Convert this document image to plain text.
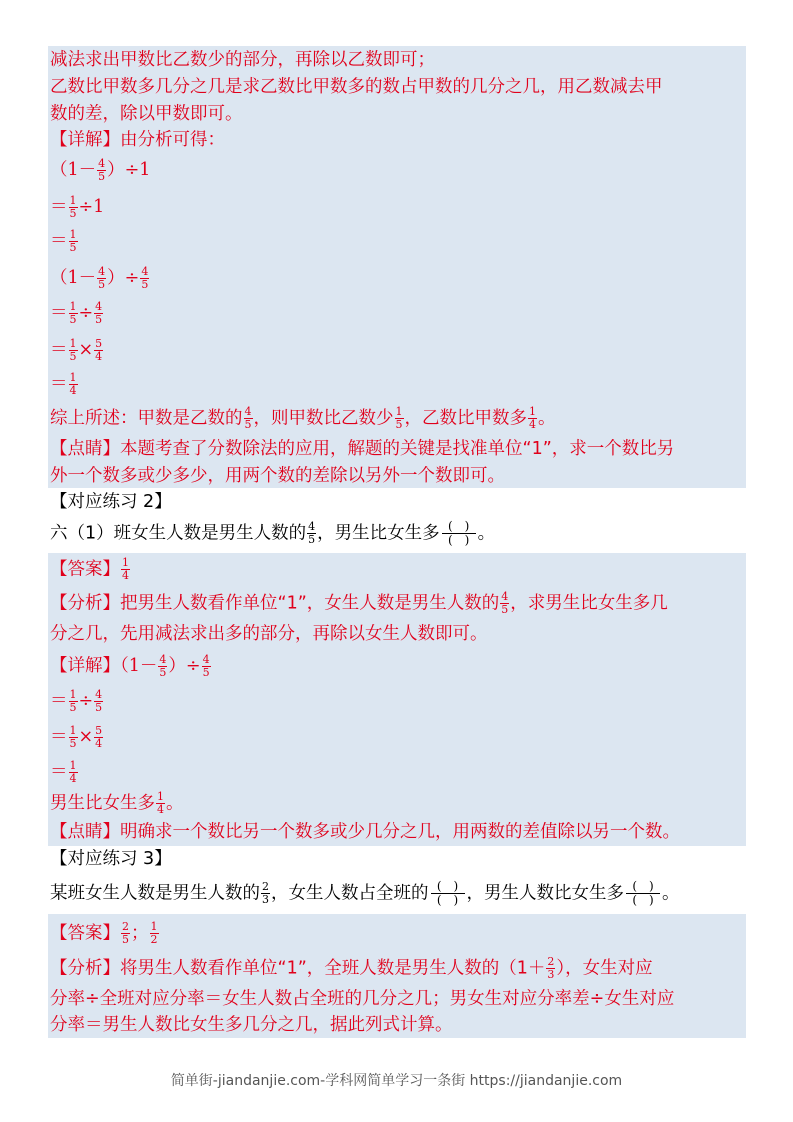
减法求出甲数比乙数少的部分，再除以乙数即可；
乙数比甲数多几分之几是求乙数比甲数多的数占甲数的几分之几，用乙数减去甲
数的差，除以甲数即可。
【详解】由分析可得：
$(1- \frac{4}{5} )\div 1$
＝ $\frac{1}{5} \div 1$
＝ $\frac{1}{5}$
（$1- \frac{4}{5}$ ）÷ $\frac{4}{5}$
＝ $\frac{1}{5} \div \frac{4}{5}$
＝ $\frac{1}{5} \times \frac{5}{4}$
＝ $\frac{1}{4}$
综上所述：甲数是乙数的 $\frac{4}{5}$ ，则甲数比乙数少 $\frac{1}{5}$ ，乙数比甲数多 $\frac{1}{4}$ 。
【点睛】本题考查了分数除法的应用，解题的关键是找准单位“1”，求一个数比另
外一个数多或少多少，用两个数的差除以另外一个数即可。
【对应练习 2】
六（1）班女生人数是男生人数的 $\frac{4}{5}$ ，男生比女生多 (　)
(　) 。
【答案】 $\frac{1}{4}$
【分析】把男生人数看作单位“1”，女生人数是男生人数的 $\frac{4}{5}$ ，求男生比女生多几
分之几，先用减法求出多的部分，再除以女生人数即可。
【详解】（$1- \frac{4}{5}$ ）÷ $\frac{4}{5}$
＝ $\frac{1}{5} \div \frac{4}{5}$
＝ $\frac{1}{5} \times \frac{5}{4}$
＝ $\frac{1}{4}$
男生比女生多 $\frac{1}{4}$ 。
【点睛】明确求一个数比另一个数多或少几分之几，用两数的差值除以另一个数。
【对应练习 3】
某班女生人数是男生人数的 $\frac{2}{3}$ ，女生人数占全班的 (　)
(　) ，男生人数比女生多 (　)
(　) 。
【答案】 $\frac{2}{5}$ ； $\frac{1}{2}$
【分析】将男生人数看作单位“1”，全班人数是男生人数的（$1+ \frac{2}{3}$ ），女生对应
分率÷全班对应分率＝女生人数占全班的几分之几；男女生对应分率差÷女生对应
分率＝男生人数比女生多几分之几，据此列式计算。
简单街-jiandanjie.com-学科网简单学习一条街 https://jiandanjie.com
